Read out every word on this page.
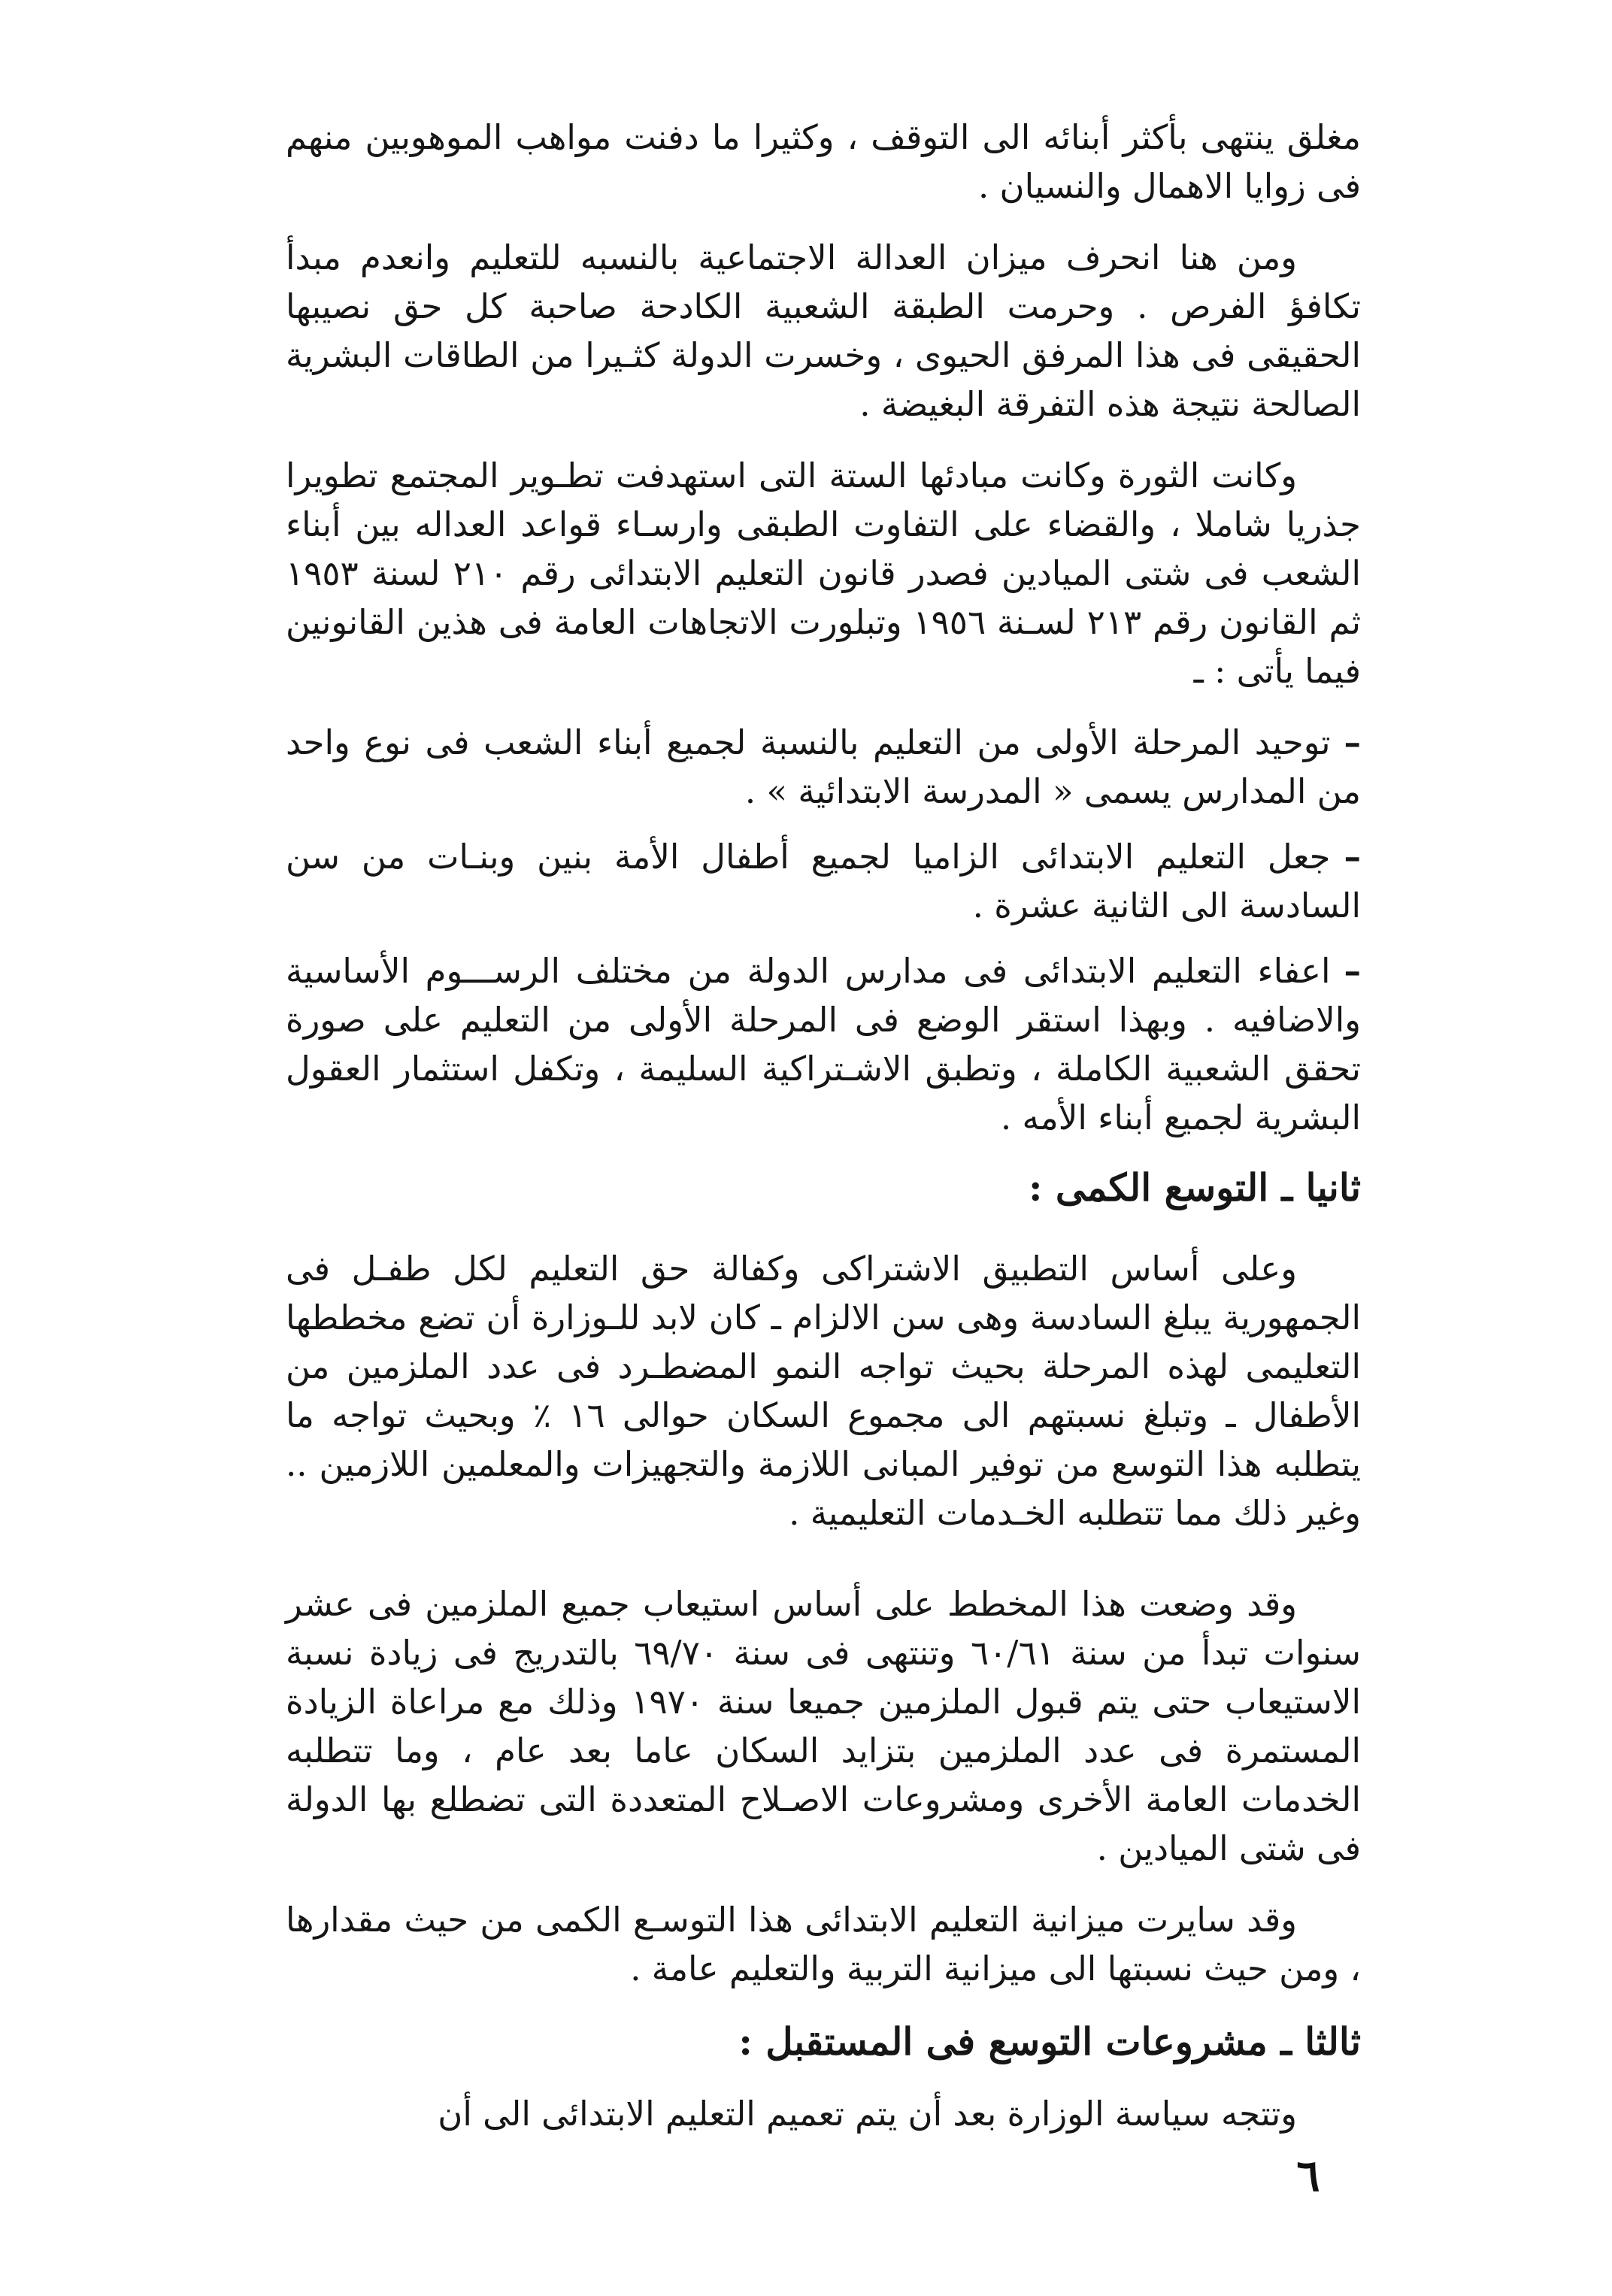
مغلق ينتهى بأكثر أبنائه الى التوقف ، وكثيرا ما دفنت مواهب الموهوبين منهم فى زوايا الاهمال والنسيان .

ومن هنا انحرف ميزان العدالة الاجتماعية بالنسبه للتعليم وانعدم مبدأ تكافؤ الفرص . وحرمت الطبقة الشعبية الكادحة صاحبة كل حق نصيبها الحقيقى فى هذا المرفق الحيوى ، وخسرت الدولة كثـيرا من الطاقات البشرية الصالحة نتيجة هذه التفرقة البغيضة .

وكانت الثورة وكانت مبادئها الستة التى استهدفت تطـوير المجتمع تطويرا جذريا شاملا ، والقضاء على التفاوت الطبقى وارسـاء قواعد العداله بين أبناء الشعب فى شتى الميادين فصدر قانون التعليم الابتدائى رقم ٢١٠ لسنة ١٩٥٣ ثم القانون رقم ٢١٣ لسـنة ١٩٥٦ وتبلورت الاتجاهات العامة فى هذين القانونين فيما يأتى : ـ

–توحيد المرحلة الأولى من التعليم بالنسبة لجميع أبناء الشعب فى نوع واحد من المدارس يسمى « المدرسة الابتدائية » .
–جعل التعليم الابتدائى الزاميا لجميع أطفال الأمة بنين وبنـات من سن السادسة الى الثانية عشرة .
–اعفاء التعليم الابتدائى فى مدارس الدولة من مختلف الرســـوم الأساسية والاضافيه . وبهذا استقر الوضع فى المرحلة الأولى من التعليم على صورة تحقق الشعبية الكاملة ، وتطبق الاشـتراكية السليمة ، وتكفل استثمار العقول البشرية لجميع أبناء الأمه .
ثانيا ـ التوسع الكمى :

وعلى أساس التطبيق الاشتراكى وكفالة حق التعليم لكل طفـل فى الجمهورية يبلغ السادسة وهى سن الالزام ـ كان لابد للـوزارة أن تضع مخططها التعليمى لهذه المرحلة بحيث تواجه النمو المضطـرد فى عدد الملزمين من الأطفال ـ وتبلغ نسبتهم الى مجموع السكان حوالى ١٦ ٪ وبحيث تواجه ما يتطلبه هذا التوسع من توفير المبانى اللازمة والتجهيزات والمعلمين اللازمين .. وغير ذلك مما تتطلبه الخـدمات التعليمية .

وقد وضعت هذا المخطط على أساس استيعاب جميع الملزمين فى عشر سنوات تبدأ من سنة ٦٠/٦١ وتنتهى فى سنة ٦٩/٧٠ بالتدريج فى زيادة نسبة الاستيعاب حتى يتم قبول الملزمين جميعا سنة ١٩٧٠ وذلك مع مراعاة الزيادة المستمرة فى عدد الملزمين بتزايد السكان عاما بعد عام ، وما تتطلبه الخدمات العامة الأخرى ومشروعات الاصـلاح المتعددة التى تضطلع بها الدولة فى شتى الميادين .

وقد سايرت ميزانية التعليم الابتدائى هذا التوسـع الكمى من حيث مقدارها ، ومن حيث نسبتها الى ميزانية التربية والتعليم عامة .

ثالثا ـ مشروعات التوسع فى المستقبل :

وتتجه سياسة الوزارة بعد أن يتم تعميم التعليم الابتدائى الى أن

٦
